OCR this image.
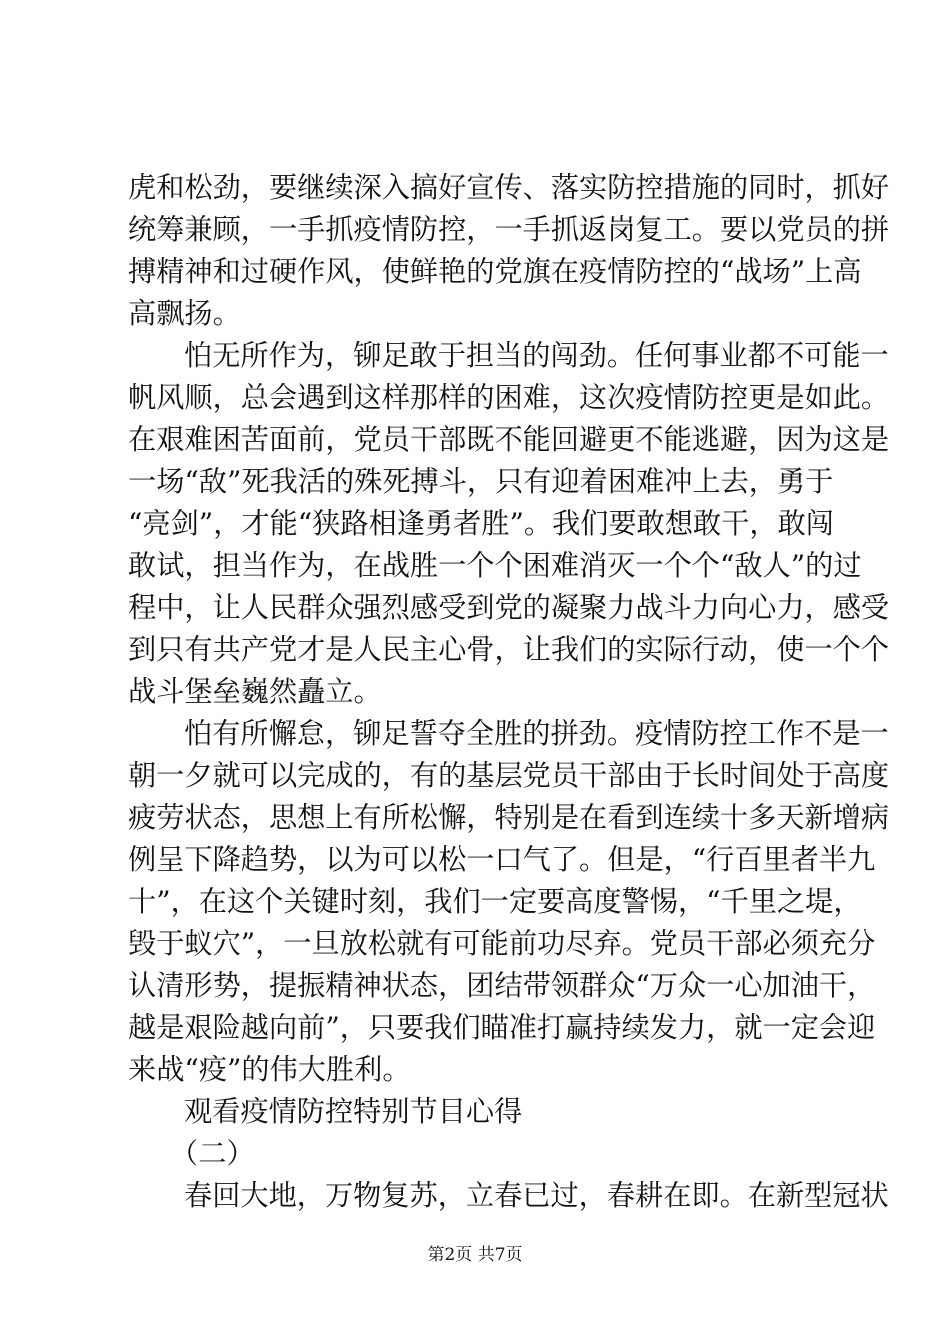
虎和松劲，要继续深入搞好宣传、落实防控措施的同时，抓好
统筹兼顾，一手抓疫情防控，一手抓返岗复工。要以党员的拼
搏精神和过硬作风，使鲜艳的党旗在疫情防控的“战场”上高
高飘扬。
怕无所作为，铆足敢于担当的闯劲。任何事业都不可能一
帆风顺，总会遇到这样那样的困难，这次疫情防控更是如此。
在艰难困苦面前，党员干部既不能回避更不能逃避，因为这是
一场“敌”死我活的殊死搏斗，只有迎着困难冲上去，勇于
“亮剑”，才能“狭路相逢勇者胜”。我们要敢想敢干，敢闯
敢试，担当作为，在战胜一个个困难消灭一个个“敌人”的过
程中，让人民群众强烈感受到党的凝聚力战斗力向心力，感受
到只有共产党才是人民主心骨，让我们的实际行动，使一个个
战斗堡垒巍然矗立。
怕有所懈怠，铆足誓夺全胜的拼劲。疫情防控工作不是一
朝一夕就可以完成的，有的基层党员干部由于长时间处于高度
疲劳状态，思想上有所松懈，特别是在看到连续十多天新增病
例呈下降趋势，以为可以松一口气了。但是，“行百里者半九
十”，在这个关键时刻，我们一定要高度警惕，“千里之堤，
毁于蚁穴”，一旦放松就有可能前功尽弃。党员干部必须充分
认清形势，提振精神状态，团结带领群众“万众一心加油干，
越是艰险越向前”，只要我们瞄准打赢持续发力，就一定会迎
来战“疫”的伟大胜利。
观看疫情防控特别节目心得
（二）
春回大地，万物复苏，立春已过，春耕在即。在新型冠状
第2页 共7页
